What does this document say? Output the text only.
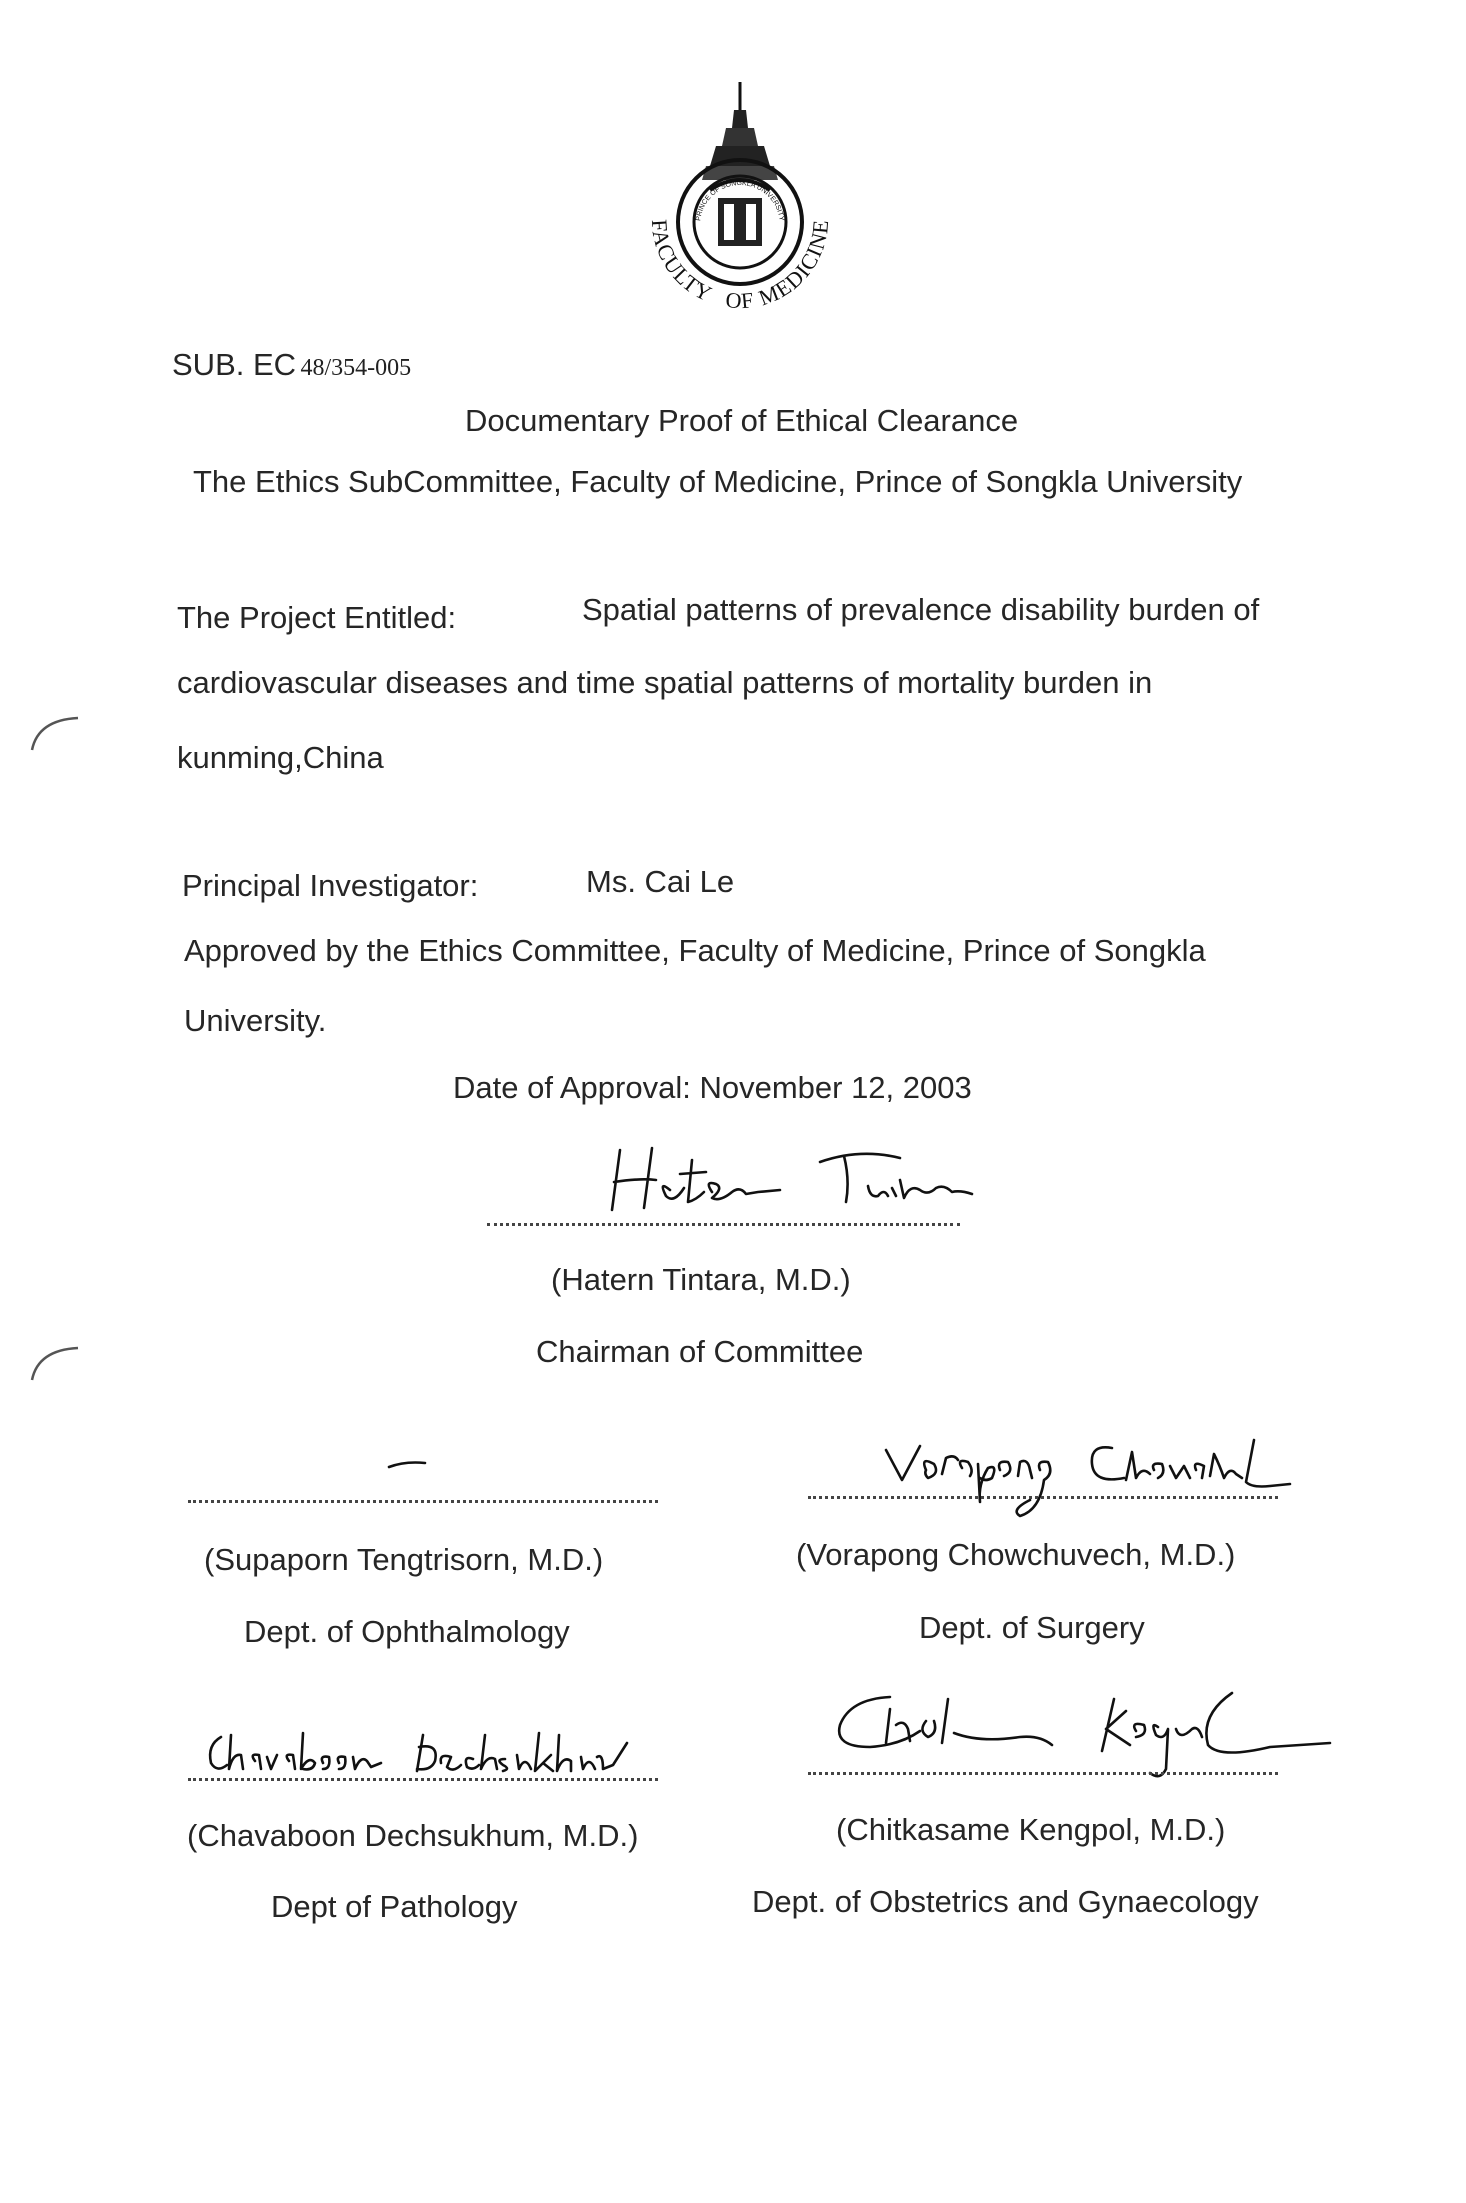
FACULTY OF MEDICINE
PRINCE OF SONGKLA UNIVERSITY
SUB. EC 48/354-005
Documentary Proof of Ethical Clearance
The Ethics SubCommittee, Faculty of Medicine, Prince of Songkla University
The Project Entitled:	Spatial patterns of prevalence disability burden of
cardiovascular diseases and time spatial patterns of mortality burden in
kunming,China
Principal Investigator:	Ms. Cai Le
Approved by the Ethics Committee, Faculty of Medicine, Prince of Songkla
University.
Date of Approval: November 12, 2003
(Hatern Tintara, M.D.)
Chairman of Committee
(Supaporn Tengtrisorn, M.D.)
Dept. of Ophthalmology
(Vorapong Chowchuvech, M.D.)
Dept. of Surgery
(Chavaboon Dechsukhum, M.D.)
Dept of Pathology
(Chitkasame Kengpol, M.D.)
Dept. of Obstetrics and Gynaecology
